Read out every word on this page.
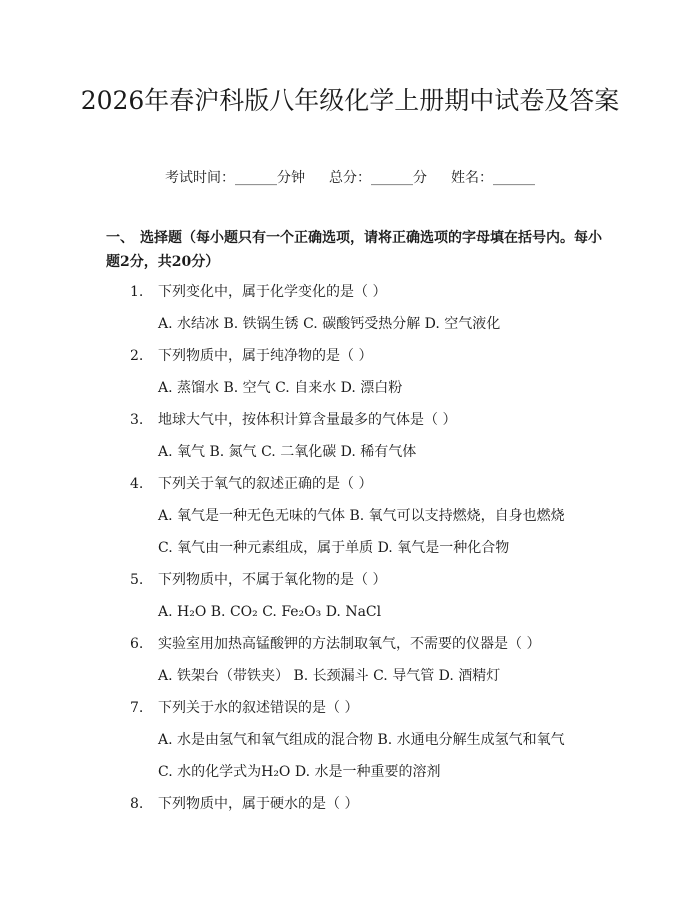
2026年春沪科版八年级化学上册期中试卷及答案
考试时间：______分钟 总分：______分 姓名：______
一、 选择题（每小题只有一个正确选项，请将正确选项的字母填在括号内。每小题2分，共20分）
1. 下列变化中，属于化学变化的是（ ）
A. 水结冰 B. 铁锅生锈 C. 碳酸钙受热分解 D. 空气液化
2. 下列物质中，属于纯净物的是（ ）
A. 蒸馏水 B. 空气 C. 自来水 D. 漂白粉
3. 地球大气中，按体积计算含量最多的气体是（ ）
A. 氧气 B. 氮气 C. 二氧化碳 D. 稀有气体
4. 下列关于氧气的叙述正确的是（ ）
A. 氧气是一种无色无味的气体 B. 氧气可以支持燃烧，自身也燃烧
C. 氧气由一种元素组成，属于单质 D. 氧气是一种化合物
5. 下列物质中，不属于氧化物的是（ ）
A. H₂O B. CO₂ C. Fe₂O₃ D. NaCl
6. 实验室用加热高锰酸钾的方法制取氧气，不需要的仪器是（ ）
A. 铁架台（带铁夹） B. 长颈漏斗 C. 导气管 D. 酒精灯
7. 下列关于水的叙述错误的是（ ）
A. 水是由氢气和氧气组成的混合物 B. 水通电分解生成氢气和氧气
C. 水的化学式为H₂O D. 水是一种重要的溶剂
8. 下列物质中，属于硬水的是（ ）
